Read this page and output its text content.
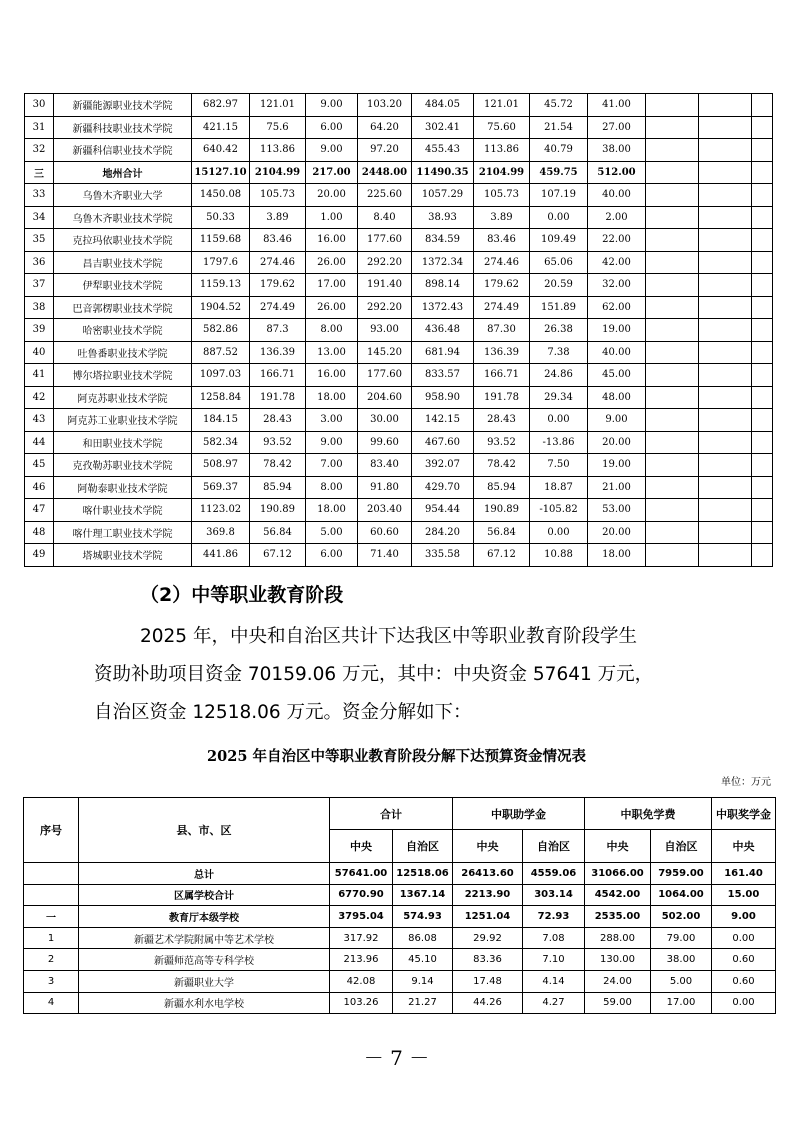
30	新疆能源职业技术学院	682.97	121.01	9.00	103.20	484.05	121.01	45.72	41.00			
31	新疆科技职业技术学院	421.15	75.6	6.00	64.20	302.41	75.60	21.54	27.00			
32	新疆科信职业技术学院	640.42	113.86	9.00	97.20	455.43	113.86	40.79	38.00			
三	地州合计	15127.10	2104.99	217.00	2448.00	11490.35	2104.99	459.75	512.00			
33	乌鲁木齐职业大学	1450.08	105.73	20.00	225.60	1057.29	105.73	107.19	40.00			
34	乌鲁木齐职业技术学院	50.33	3.89	1.00	8.40	38.93	3.89	0.00	2.00			
35	克拉玛依职业技术学院	1159.68	83.46	16.00	177.60	834.59	83.46	109.49	22.00			
36	昌吉职业技术学院	1797.6	274.46	26.00	292.20	1372.34	274.46	65.06	42.00			
37	伊犁职业技术学院	1159.13	179.62	17.00	191.40	898.14	179.62	20.59	32.00			
38	巴音郭楞职业技术学院	1904.52	274.49	26.00	292.20	1372.43	274.49	151.89	62.00			
39	哈密职业技术学院	582.86	87.3	8.00	93.00	436.48	87.30	26.38	19.00			
40	吐鲁番职业技术学院	887.52	136.39	13.00	145.20	681.94	136.39	7.38	40.00			
41	博尔塔拉职业技术学院	1097.03	166.71	16.00	177.60	833.57	166.71	24.86	45.00			
42	阿克苏职业技术学院	1258.84	191.78	18.00	204.60	958.90	191.78	29.34	48.00			
43	阿克苏工业职业技术学院	184.15	28.43	3.00	30.00	142.15	28.43	0.00	9.00			
44	和田职业技术学院	582.34	93.52	9.00	99.60	467.60	93.52	-13.86	20.00			
45	克孜勒苏职业技术学院	508.97	78.42	7.00	83.40	392.07	78.42	7.50	19.00			
46	阿勒泰职业技术学院	569.37	85.94	8.00	91.80	429.70	85.94	18.87	21.00			
47	喀什职业技术学院	1123.02	190.89	18.00	203.40	954.44	190.89	-105.82	53.00			
48	喀什理工职业技术学院	369.8	56.84	5.00	60.60	284.20	56.84	0.00	20.00			
49	塔城职业技术学院	441.86	67.12	6.00	71.40	335.58	67.12	10.88	18.00			
（2）中等职业教育阶段
2025 年，中央和自治区共计下达我区中等职业教育阶段学生
资助补助项目资金 70159.06 万元，其中：中央资金 57641 万元，
自治区资金 12518.06 万元。资金分解如下：
2025 年自治区中等职业教育阶段分解下达预算资金情况表
单位：万元
序号	县、市、区	合计		中职助学金		中职免学费		中职奖学金
		中央	自治区	中央	自治区	中央	自治区	中央
	总计	57641.00	12518.06	26413.60	4559.06	31066.00	7959.00	161.40
	区属学校合计	6770.90	1367.14	2213.90	303.14	4542.00	1064.00	15.00
一	教育厅本级学校	3795.04	574.93	1251.04	72.93	2535.00	502.00	9.00
1	新疆艺术学院附属中等艺术学校	317.92	86.08	29.92	7.08	288.00	79.00	0.00
2	新疆师范高等专科学校	213.96	45.10	83.36	7.10	130.00	38.00	0.60
3	新疆职业大学	42.08	9.14	17.48	4.14	24.00	5.00	0.60
4	新疆水利水电学校	103.26	21.27	44.26	4.27	59.00	17.00	0.00
－ 7 －
